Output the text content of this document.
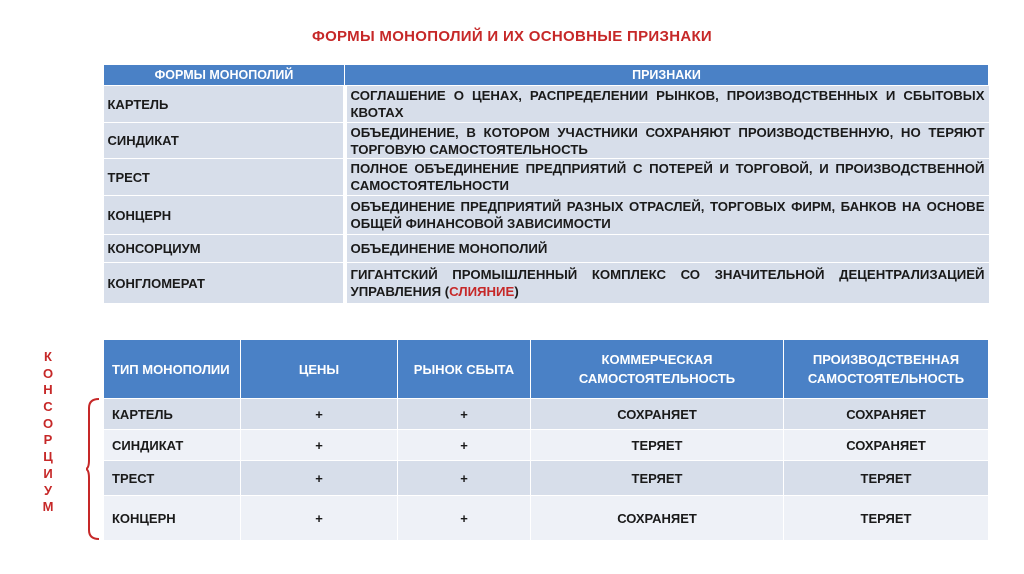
ФОРМЫ МОНОПОЛИЙ И ИХ ОСНОВНЫЕ ПРИЗНАКИ
ФОРМЫ МОНОПОЛИЙ	ПРИЗНАКИ
КАРТЕЛЬ	СОГЛАШЕНИЕ О ЦЕНАХ, РАСПРЕДЕЛЕНИИ РЫНКОВ, ПРОИЗВОДСТВЕННЫХ И СБЫТОВЫХ КВОТАХ
СИНДИКАТ	ОБЪЕДИНЕНИЕ, В КОТОРОМ УЧАСТНИКИ СОХРАНЯЮТ ПРОИЗВОДСТВЕННУЮ, НО ТЕРЯЮТ ТОРГОВУЮ САМОСТОЯТЕЛЬНОСТЬ
ТРЕСТ	ПОЛНОЕ ОБЪЕДИНЕНИЕ ПРЕДПРИЯТИЙ С ПОТЕРЕЙ И ТОРГОВОЙ, И ПРОИЗВОДСТВЕННОЙ САМОСТОЯТЕЛЬНОСТИ
КОНЦЕРН	ОБЪЕДИНЕНИЕ ПРЕДПРИЯТИЙ РАЗНЫХ ОТРАСЛЕЙ, ТОРГОВЫХ ФИРМ, БАНКОВ НА ОСНОВЕ ОБЩЕЙ ФИНАНСОВОЙ ЗАВИСИМОСТИ
КОНСОРЦИУМ	ОБЪЕДИНЕНИЕ МОНОПОЛИЙ
КОНГЛОМЕРАТ	ГИГАНТСКИЙ ПРОМЫШЛЕННЫЙ КОМПЛЕКС СО ЗНАЧИТЕЛЬНОЙ ДЕЦЕНТРАЛИЗАЦИЕЙ УПРАВЛЕНИЯ (СЛИЯНИЕ)
К
О
Н
С
О
Р
Ц
И
У
М
ТИП МОНОПОЛИИ	ЦЕНЫ	РЫНОК СБЫТА	КОММЕРЧЕСКАЯ САМОСТОЯТЕЛЬНОСТЬ	ПРОИЗВОДСТВЕННАЯ САМОСТОЯТЕЛЬНОСТЬ
КАРТЕЛЬ	+	+	СОХРАНЯЕТ	СОХРАНЯЕТ
СИНДИКАТ	+	+	ТЕРЯЕТ	СОХРАНЯЕТ
ТРЕСТ	+	+	ТЕРЯЕТ	ТЕРЯЕТ
КОНЦЕРН	+	+	СОХРАНЯЕТ	ТЕРЯЕТ
